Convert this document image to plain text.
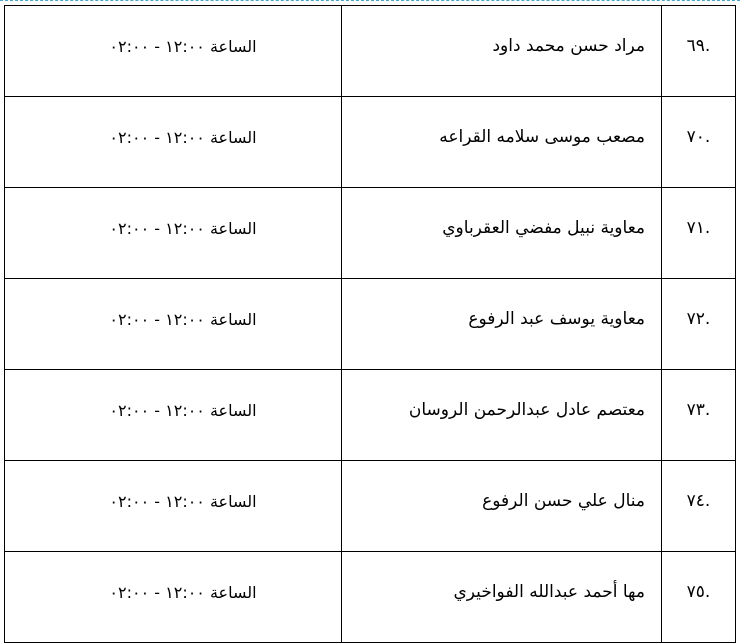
.٦٩	مراد حسن محمد داود	الساعة ١٢:٠٠ - ٠٢:٠٠
.٧٠	مصعب موسى سلامه القراعه	الساعة ١٢:٠٠ - ٠٢:٠٠
.٧١	معاوية نبيل مفضي العقرباوي	الساعة ١٢:٠٠ - ٠٢:٠٠
.٧٢	معاوية يوسف عبد الرفوع	الساعة ١٢:٠٠ - ٠٢:٠٠
.٧٣	معتصم عادل عبدالرحمن الروسان	الساعة ١٢:٠٠ - ٠٢:٠٠
.٧٤	منال علي حسن الرفوع	الساعة ١٢:٠٠ - ٠٢:٠٠
.٧٥	مها أحمد عبدالله الفواخيري	الساعة ١٢:٠٠ - ٠٢:٠٠
